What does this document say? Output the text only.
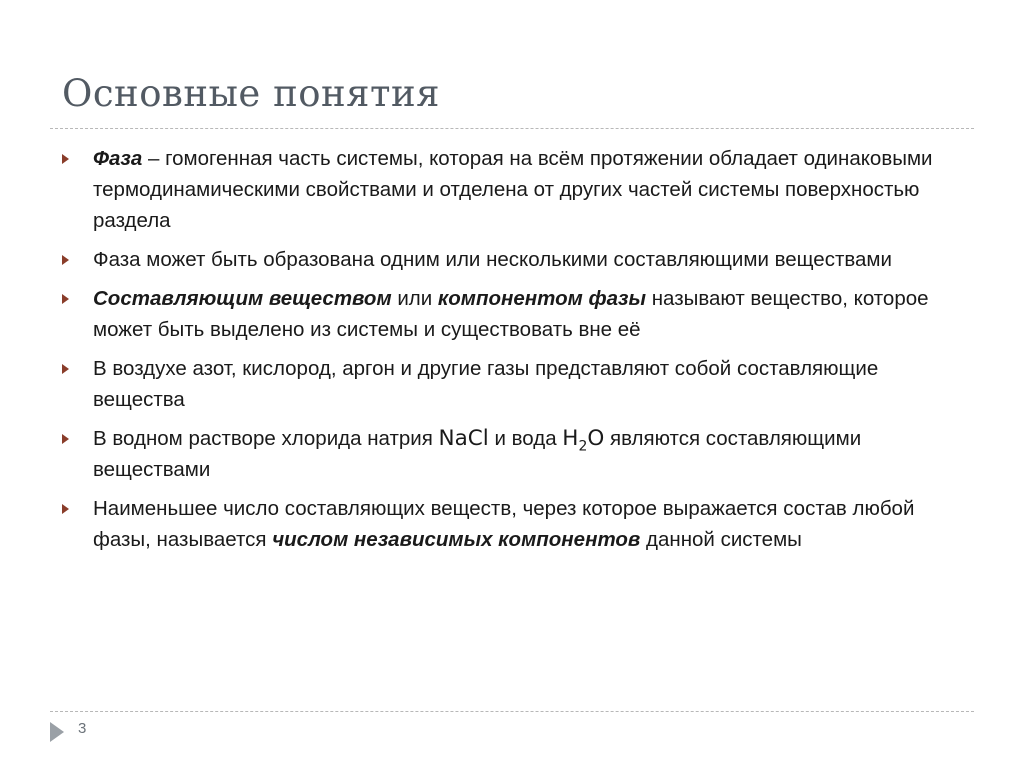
Основные понятия
Фаза – гомогенная часть системы, которая на всём протяжении обладает одинаковыми термодинамическими свойствами и отделена от других частей системы поверхностью раздела
Фаза может быть образована одним или несколькими составляющими веществами
Составляющим веществом или компонентом фазы называют вещество, которое может быть выделено из системы и существовать вне её
В воздухе азот, кислород, аргон и другие газы представляют собой составляющие вещества
В водном растворе хлорида натрия NaCl и вода $H_2O$ являются составляющими веществами
Наименьшее число составляющих веществ, через которое выражается состав любой фазы, называется числом независимых компонентов данной системы
3
